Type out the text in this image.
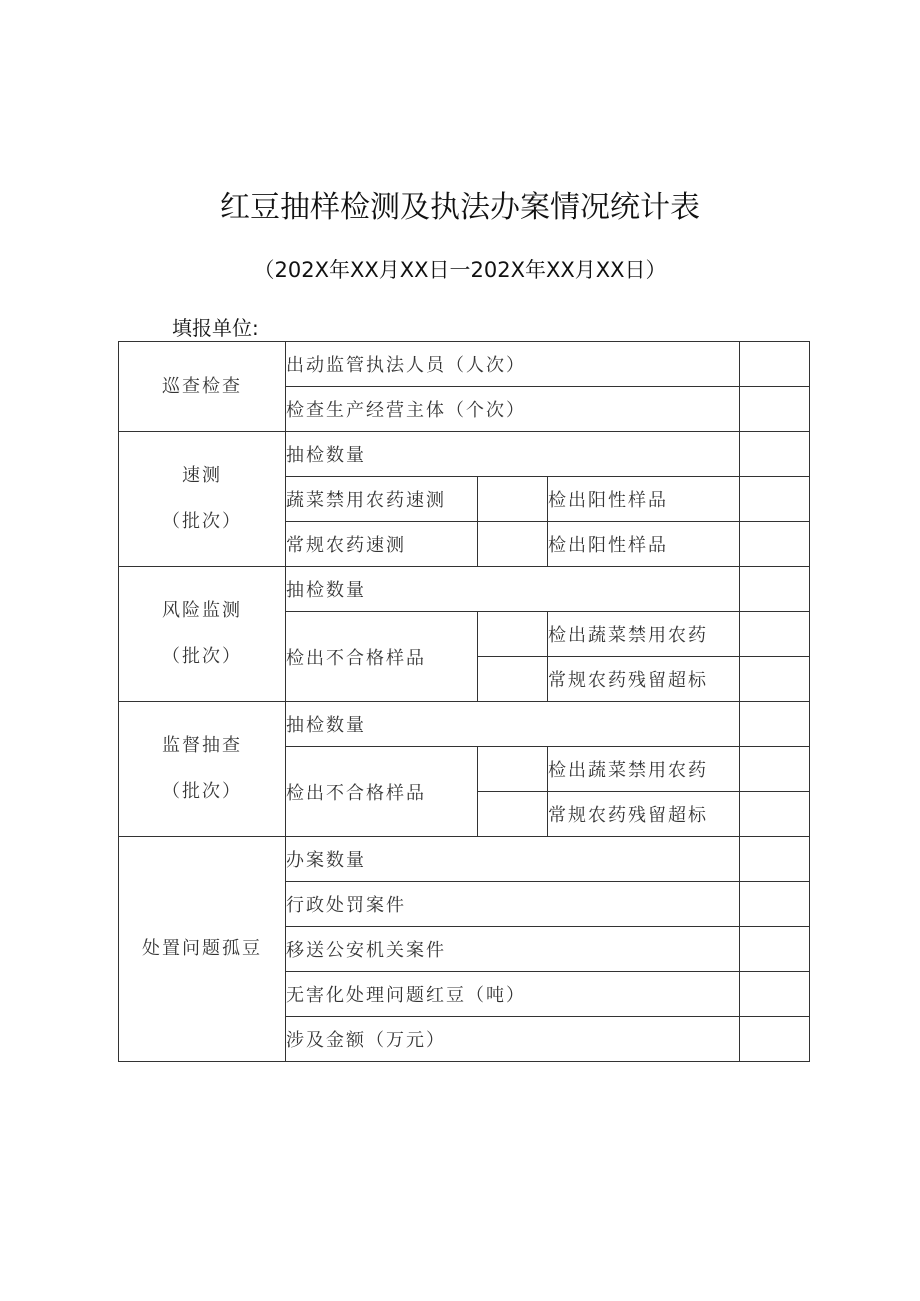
红豆抽样检测及执法办案情况统计表
（202X年XX月XX日一202X年XX月XX日）
填报单位:
巡查检查	出动监管执法人员（人次）			
	检查生产经营主体（个次）			

速测
（批次）	抽检数量			
	蔬菜禁用农药速测		检出阳性样品	
	常规农药速测		检出阳性样品	

风险监测
（批次）	抽检数量			
	检出不合格样品		检出蔬菜禁用农药	
			常规农药残留超标	

监督抽查
（批次）	抽检数量			
	检出不合格样品		检出蔬菜禁用农药	
			常规农药残留超标	
处置问题孤豆	办案数量			
	行政处罚案件			
	移送公安机关案件			
	无害化处理问题红豆（吨）			
	涉及金额（万元）			
